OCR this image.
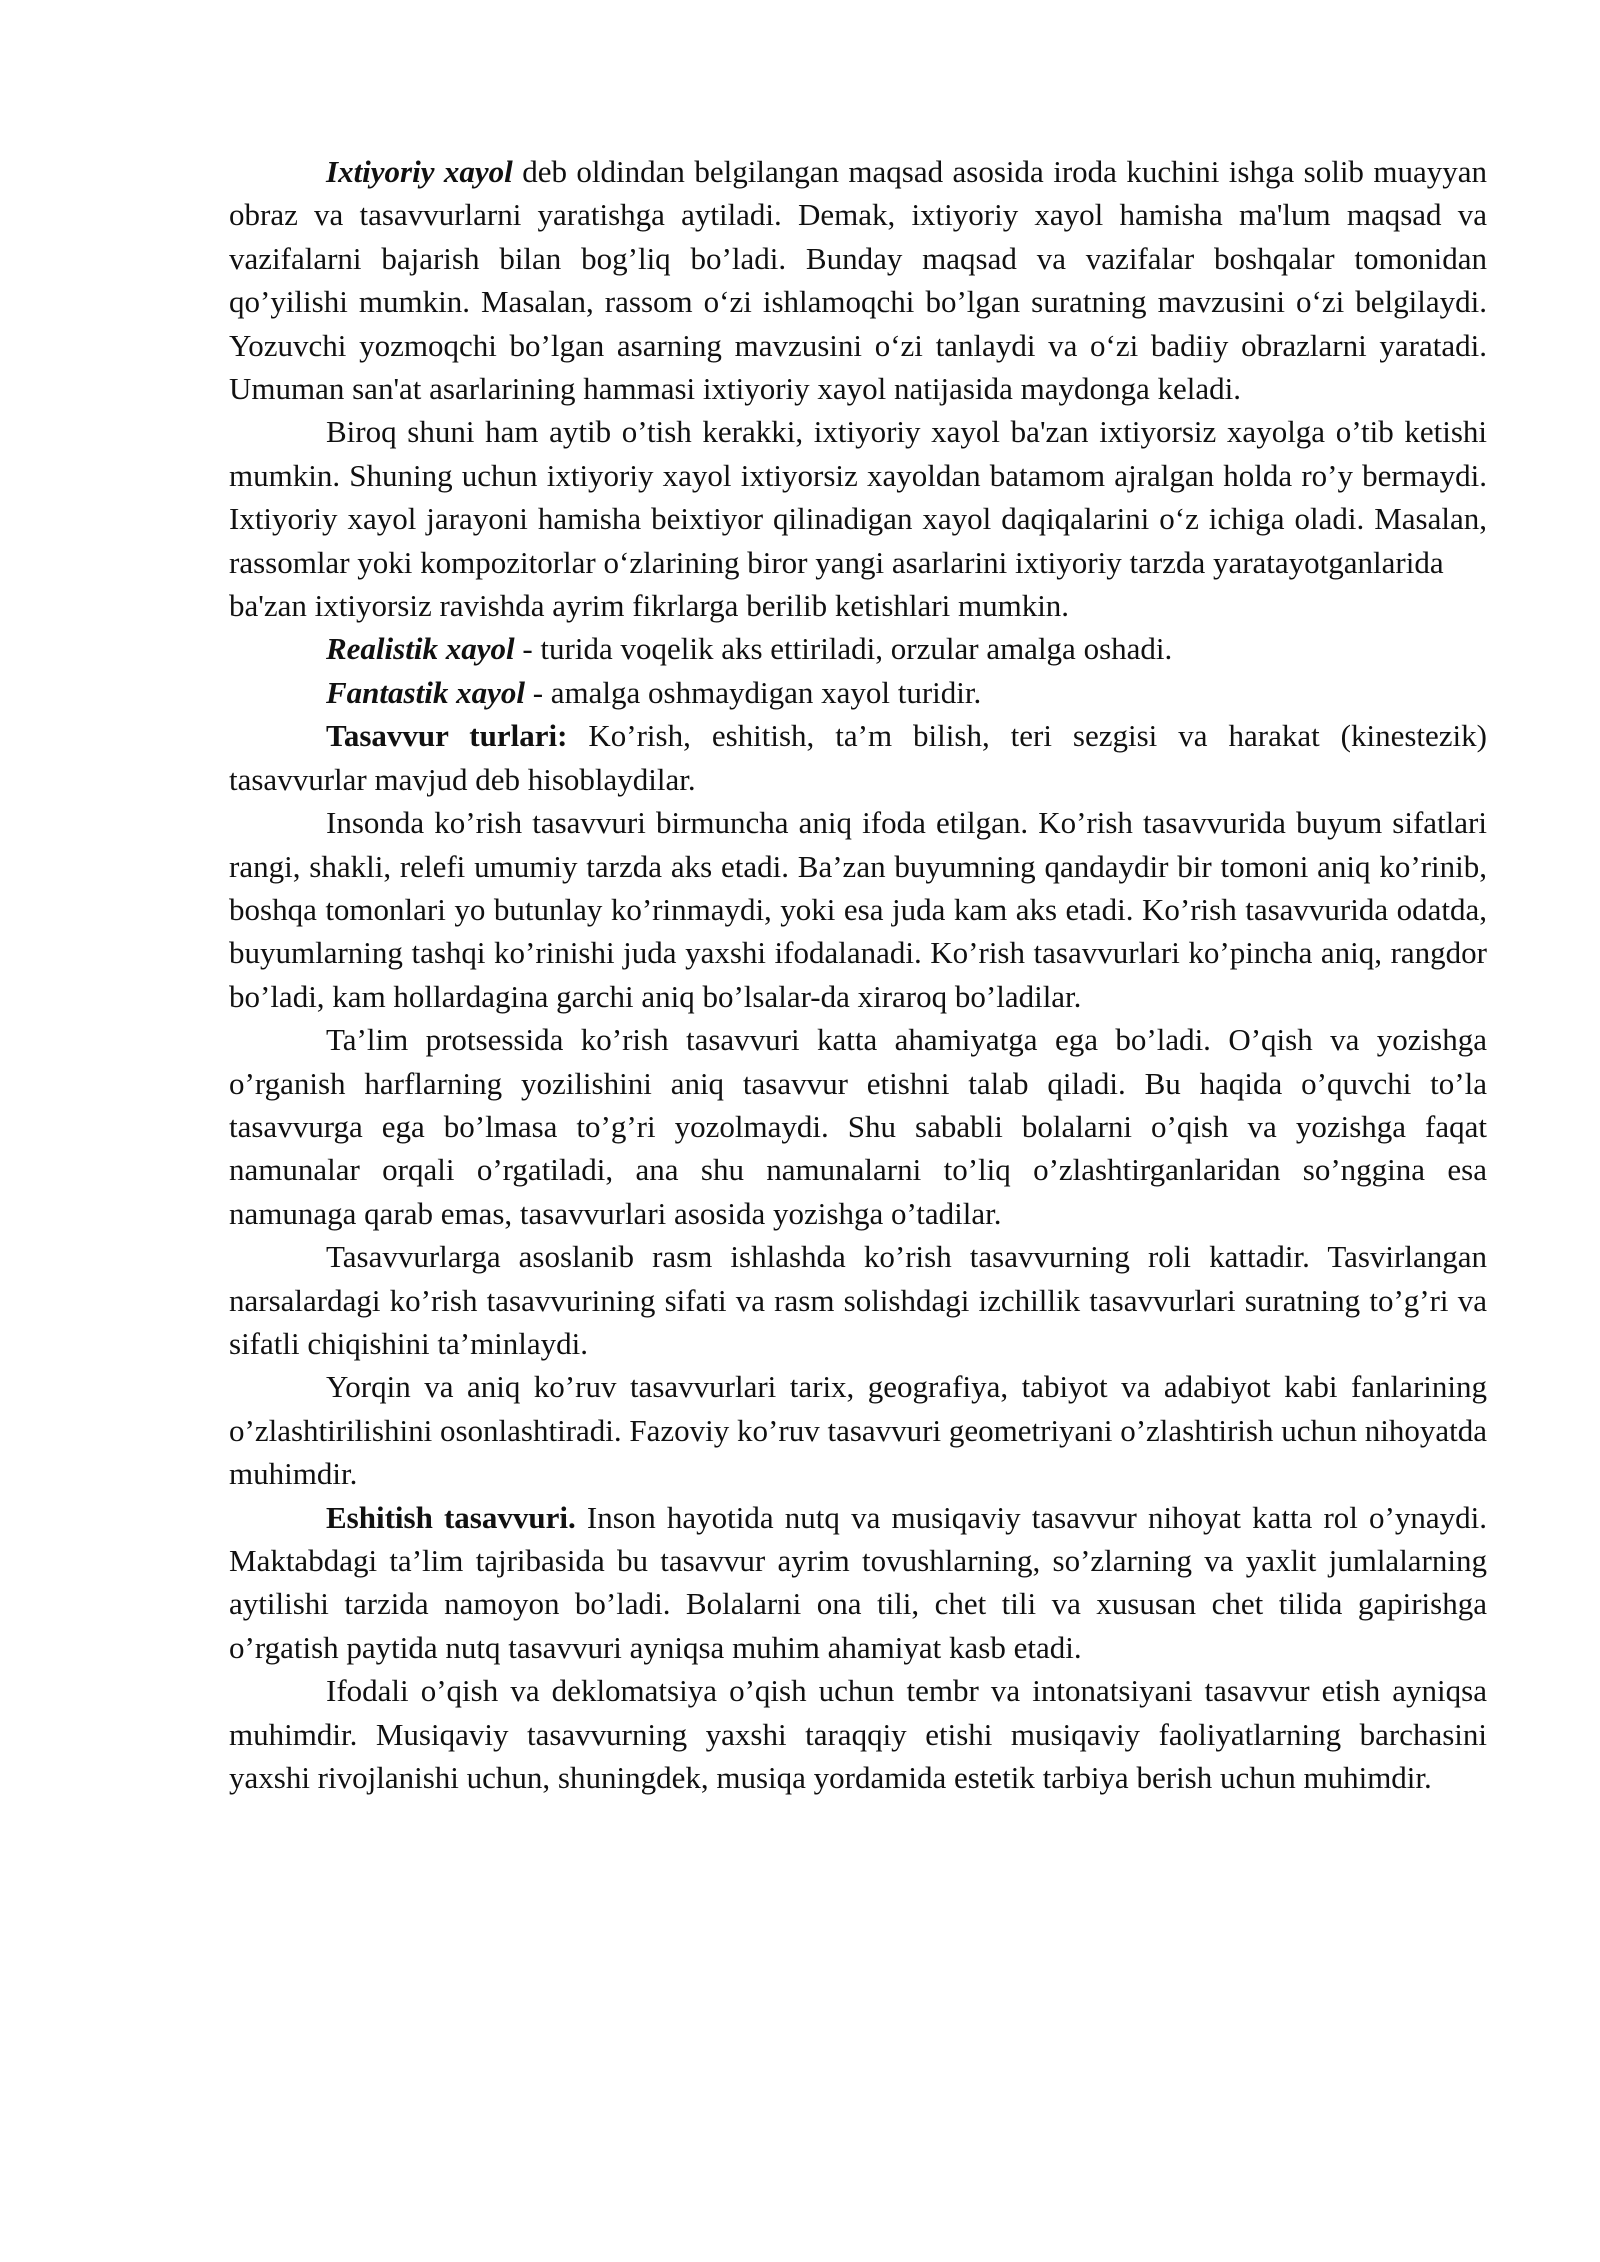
Ixtiyoriy xayol deb oldindan belgilangan maqsad asosida iroda kuchini ishga solib muayyan obraz va tasavvurlarni yaratishga aytiladi. Demak, ixtiyoriy xayol hamisha ma'lum maqsad va vazifalarni bajarish bilan bog’liq bo’ladi. Bunday maqsad va vazifalar boshqalar tomonidan qo’yilishi mumkin. Masalan, rassom o‘zi ishlamoqchi bo’lgan suratning mavzusini o‘zi belgilaydi. Yozuvchi yozmoqchi bo’lgan asarning mavzusini o‘zi tanlaydi va o‘zi badiiy obrazlarni yaratadi. Umuman san'at asarlarining hammasi ixtiyoriy xayol natijasida maydonga keladi.

Biroq shuni ham aytib o’tish kerakki, ixtiyoriy xayol ba'zan ixtiyorsiz xayolga o’tib ketishi mumkin. Shuning uchun ixtiyoriy xayol ixtiyorsiz xayoldan batamom ajralgan holda ro’y bermaydi. Ixtiyoriy xayol jarayoni hamisha beixtiyor qilinadigan xayol daqiqalarini o‘z ichiga oladi. Masalan, rassomlar yoki kompozitorlar o‘zlarining biror yangi asarlarini ixtiyoriy tarzda yaratayotganlarida

ba'zan ixtiyorsiz ravishda ayrim fikrlarga berilib ketishlari mumkin.

Realistik xayol - turida voqelik aks ettiriladi, orzular amalga oshadi.

Fantastik xayol - amalga oshmaydigan xayol turidir.

Tasavvur turlari: Ko’rish, eshitish, ta’m bilish, teri sezgisi va harakat (kinestezik) tasavvurlar mavjud deb hisoblaydilar.

Insonda ko’rish tasavvuri birmuncha aniq ifoda etilgan. Ko’rish tasavvurida buyum sifatlari rangi, shakli, relefi umumiy tarzda aks etadi. Ba’zan buyumning qandaydir bir tomoni aniq ko’rinib, boshqa tomonlari yo butunlay ko’rinmaydi, yoki esa juda kam aks etadi. Ko’rish tasavvurida odatda, buyumlarning tashqi ko’rinishi juda yaxshi ifodalanadi. Ko’rish tasavvurlari ko’pincha aniq, rangdor bo’ladi, kam hollardagina garchi aniq bo’lsalar-da xiraroq bo’ladilar.

Ta’lim protsessida ko’rish tasavvuri katta ahamiyatga ega bo’ladi. O’qish va yozishga o’rganish harflarning yozilishini aniq tasavvur etishni talab qiladi. Bu haqida o’quvchi to’la tasavvurga ega bo’lmasa to’g’ri yozolmaydi. Shu sababli bolalarni o’qish va yozishga faqat namunalar orqali o’rgatiladi, ana shu namunalarni to’liq o’zlashtirganlaridan so’nggina esa namunaga qarab emas, tasavvurlari asosida yozishga o’tadilar.

Tasavvurlarga asoslanib rasm ishlashda ko’rish tasavvurning roli kattadir. Tasvirlangan narsalardagi ko’rish tasavvurining sifati va rasm solishdagi izchillik tasavvurlari suratning to’g’ri va sifatli chiqishini ta’minlaydi.

Yorqin va aniq ko’ruv tasavvurlari tarix, geografiya, tabiyot va adabiyot kabi fanlarining o’zlashtirilishini osonlashtiradi. Fazoviy ko’ruv tasavvuri geometriyani o’zlashtirish uchun nihoyatda muhimdir.

Eshitish tasavvuri. Inson hayotida nutq va musiqaviy tasavvur nihoyat katta rol o’ynaydi. Maktabdagi ta’lim tajribasida bu tasavvur ayrim tovushlarning, so’zlarning va yaxlit jumlalarning aytilishi tarzida namoyon bo’ladi. Bolalarni ona tili, chet tili va xususan chet tilida gapirishga o’rgatish paytida nutq tasavvuri ayniqsa muhim ahamiyat kasb etadi.

Ifodali o’qish va deklomatsiya o’qish uchun tembr va intonatsiyani tasavvur etish ayniqsa muhimdir. Musiqaviy tasavvurning yaxshi taraqqiy etishi musiqaviy faoliyatlarning barchasini yaxshi rivojlanishi uchun, shuningdek, musiqa yordamida estetik tarbiya berish uchun muhimdir.
